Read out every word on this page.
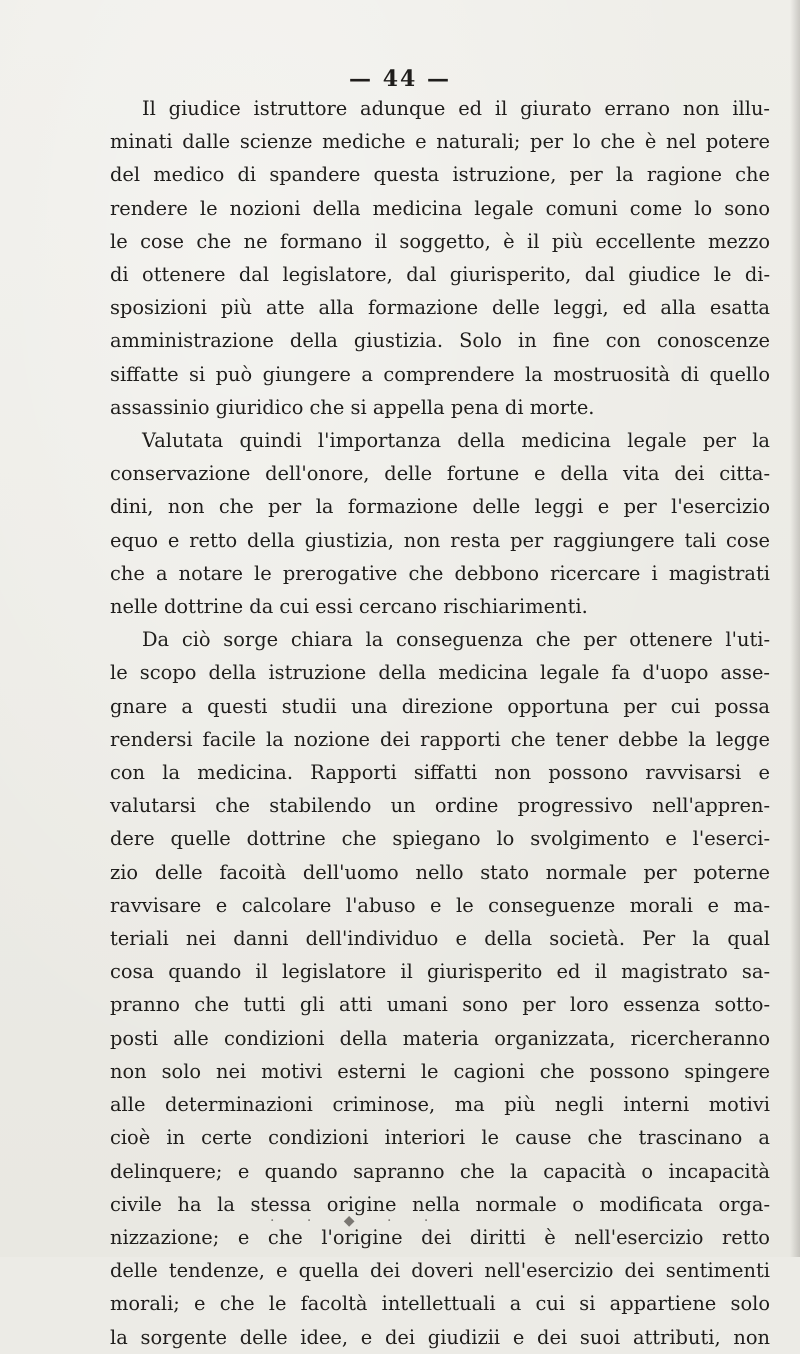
— 44 —
Il giudice istruttore adunque ed il giurato errano non illu-
minati dalle scienze mediche e naturali; per lo che è nel potere
del medico di spandere questa istruzione, per la ragione che
rendere le nozioni della medicina legale comuni come lo sono
le cose che ne formano il soggetto, è il più eccellente mezzo
di ottenere dal legislatore, dal giurisperito, dal giudice le di-
sposizioni più atte alla formazione delle leggi, ed alla esatta
amministrazione della giustizia. Solo in fine con conoscenze
siffatte si può giungere a comprendere la mostruosità di quello
assassinio giuridico che si appella pena di morte.
Valutata quindi l'importanza della medicina legale per la
conservazione dell'onore, delle fortune e della vita dei citta-
dini, non che per la formazione delle leggi e per l'esercizio
equo e retto della giustizia, non resta per raggiungere tali cose
che a notare le prerogative che debbono ricercare i magistrati
nelle dottrine da cui essi cercano rischiarimenti.
Da ciò sorge chiara la conseguenza che per ottenere l'uti-
le scopo della istruzione della medicina legale fa d'uopo asse-
gnare a questi studii una direzione opportuna per cui possa
rendersi facile la nozione dei rapporti che tener debbe la legge
con la medicina. Rapporti siffatti non possono ravvisarsi e
valutarsi che stabilendo un ordine progressivo nell'appren-
dere quelle dottrine che spiegano lo svolgimento e l'eserci-
zio delle facoità dell'uomo nello stato normale per poterne
ravvisare e calcolare l'abuso e le conseguenze morali e ma-
teriali nei danni dell'individuo e della società. Per la qual
cosa quando il legislatore il giurisperito ed il magistrato sa-
pranno che tutti gli atti umani sono per loro essenza sotto-
posti alle condizioni della materia organizzata, ricercheranno
non solo nei motivi esterni le cagioni che possono spingere
alle determinazioni criminose, ma più negli interni motivi
cioè in certe condizioni interiori le cause che trascinano a
delinquere; e quando sapranno che la capacità o incapacità
civile ha la stessa origine nella normale o modificata orga-
nizzazione; e che l'origine dei diritti è nell'esercizio retto
delle tendenze, e quella dei doveri nell'esercizio dei sentimenti
morali; e che le facoltà intellettuali a cui si appartiene solo
la sorgente delle idee, e dei giudizii e dei suoi attributi, non
· · ◆ · ·
